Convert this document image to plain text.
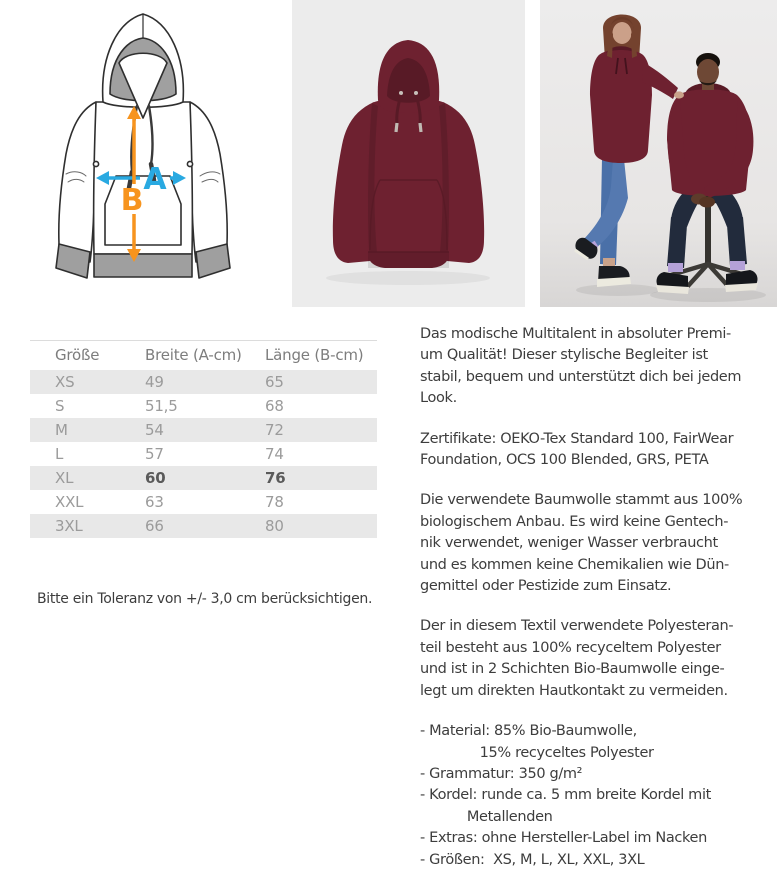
A
B
Größe	Breite (A-cm)	Länge (B-cm)
XS	49	65
S	51,5	68
M	54	72
L	57	74
XL	60	76
XXL	63	78
3XL	66	80

Bitte ein Toleranz von +/- 3,0 cm berücksichtigen.

Das modische Multitalent in absoluter Premi-
um Qualität! Dieser stylische Begleiter ist
stabil, bequem und unterstützt dich bei jedem
Look.

Zertifikate: OEKO-Tex Standard 100, FairWear
Foundation, OCS 100 Blended, GRS, PETA

Die verwendete Baumwolle stammt aus 100%
biologischem Anbau. Es wird keine Gentech-
nik verwendet, weniger Wasser verbraucht
und es kommen keine Chemikalien wie Dün-
gemittel oder Pestizide zum Einsatz.

Der in diesem Textil verwendete Polyesteran-
teil besteht aus 100% recyceltem Polyester
und ist in 2 Schichten Bio-Baumwolle einge-
legt um direkten Hautkontakt zu vermeiden.

- Material: 85% Bio-Baumwolle,
15% recyceltes Polyester
- Grammatur: 350 g/m²
- Kordel: runde ca. 5 mm breite Kordel mit
Metallenden
- Extras: ohne Hersteller-Label im Nacken
- Größen:  XS, M, L, XL, XXL, 3XL
